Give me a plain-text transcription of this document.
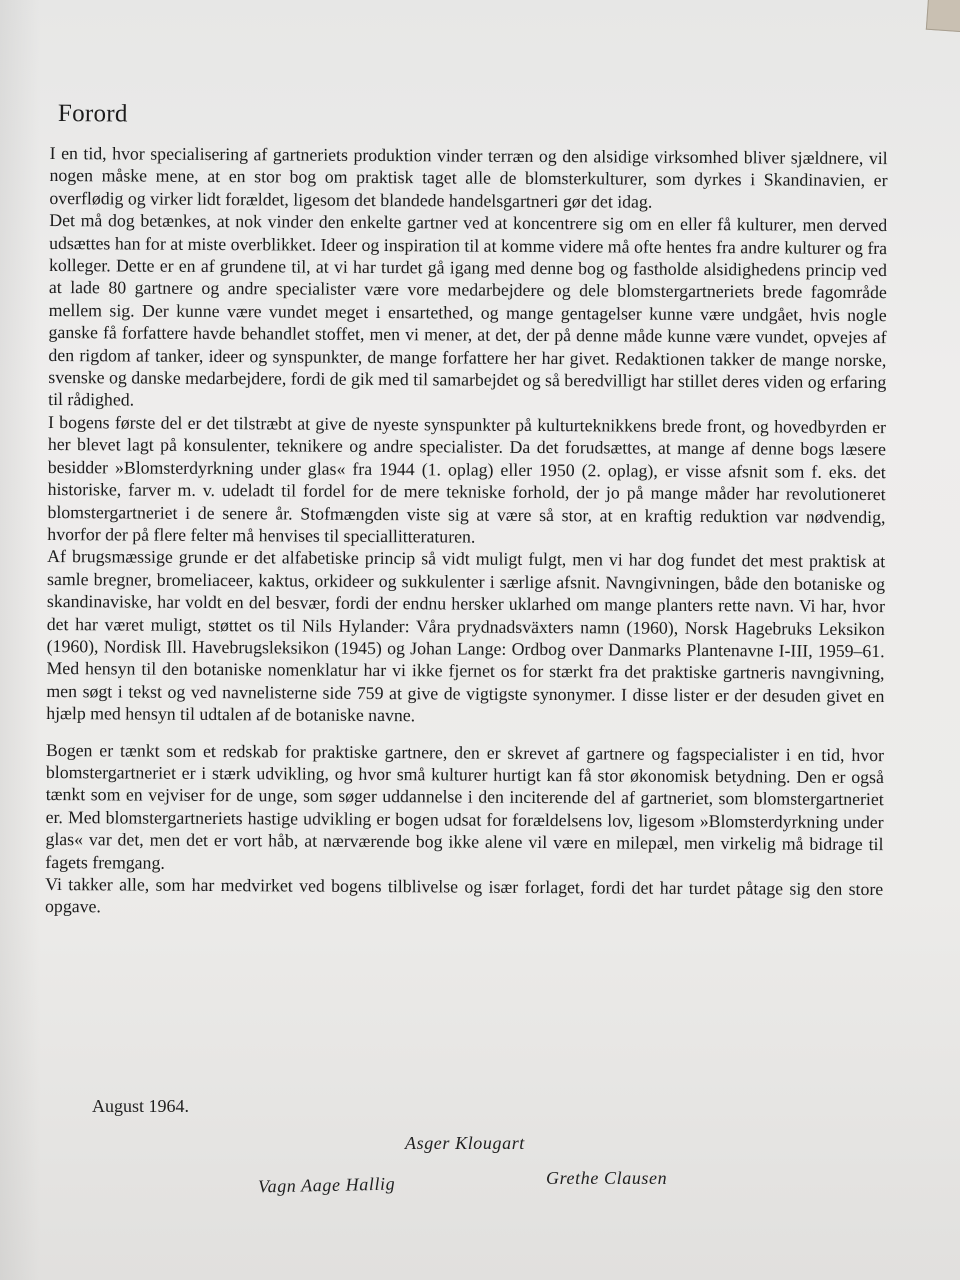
Forord

I en tid, hvor specialisering af gartneriets produktion vinder terræn og den alsidige virksomhed bliver sjældnere, vil nogen måske mene, at en stor bog om praktisk taget alle de blomsterkulturer, som dyrkes i Skandinavien, er overflødig og virker lidt forældet, ligesom det blandede handelsgartneri gør det idag.

Det må dog betænkes, at nok vinder den enkelte gartner ved at koncentrere sig om en eller få kulturer, men derved udsættes han for at miste overblikket. Ideer og inspiration til at komme videre må ofte hentes fra andre kulturer og fra kolleger. Dette er en af grundene til, at vi har turdet gå igang med denne bog og fastholde alsidighedens princip ved at lade 80 gartnere og andre specialister være vore medarbejdere og dele blomstergartneriets brede fagområde mellem sig. Der kunne være vundet meget i ensartethed, og mange gentagelser kunne være undgået, hvis nogle ganske få forfattere havde behandlet stoffet, men vi mener, at det, der på denne måde kunne være vundet, opvejes af den rigdom af tanker, ideer og synspunkter, de mange forfattere her har givet. Redaktionen takker de mange norske, svenske og danske medarbejdere, fordi de gik med til samarbejdet og så beredvilligt har stillet deres viden og erfaring til rådighed.

I bogens første del er det tilstræbt at give de nyeste synspunkter på kulturteknikkens brede front, og hovedbyrden er her blevet lagt på konsulenter, teknikere og andre specialister. Da det forudsættes, at mange af denne bogs læsere besidder »Blomsterdyrkning under glas« fra 1944 (1. oplag) eller 1950 (2. oplag), er visse afsnit som f. eks. det historiske, farver m. v. udeladt til fordel for de mere tekniske forhold, der jo på mange måder har revolutioneret blomstergartneriet i de senere år. Stofmængden viste sig at være så stor, at en kraftig reduktion var nødvendig, hvorfor der på flere felter må henvises til speciallitteraturen.

Af brugsmæssige grunde er det alfabetiske princip så vidt muligt fulgt, men vi har dog fundet det mest praktisk at samle bregner, bromeliaceer, kaktus, orkideer og sukkulenter i særlige afsnit. Navngivningen, både den botaniske og skandinaviske, har voldt en del besvær, fordi der endnu hersker uklarhed om mange planters rette navn. Vi har, hvor det har været muligt, støttet os til Nils Hylander: Våra prydnadsväxters namn (1960), Norsk Hagebruks Leksikon (1960), Nordisk Ill. Havebrugsleksikon (1945) og Johan Lange: Ordbog over Danmarks Plantenavne I-III, 1959–61. Med hensyn til den botaniske nomenklatur har vi ikke fjernet os for stærkt fra det praktiske gartneris navngivning, men søgt i tekst og ved navnelisterne side 759 at give de vigtigste synonymer. I disse lister er der desuden givet en hjælp med hensyn til udtalen af de botaniske navne.

Bogen er tænkt som et redskab for praktiske gartnere, den er skrevet af gartnere og fagspecialister i en tid, hvor blomstergartneriet er i stærk udvikling, og hvor små kulturer hurtigt kan få stor økonomisk betydning. Den er også tænkt som en vejviser for de unge, som søger uddannelse i den inciterende del af gartneriet, som blomstergartneriet er. Med blomstergartneriets hastige udvikling er bogen udsat for forældelsens lov, ligesom »Blomsterdyrkning under glas« var det, men det er vort håb, at nærværende bog ikke alene vil være en milepæl, men virkelig må bidrage til fagets fremgang.

Vi takker alle, som har medvirket ved bogens tilblivelse og især forlaget, fordi det har turdet påtage sig den store opgave.

August 1964.
Asger Klougart
Vagn Aage Hallig	Grethe Clausen
